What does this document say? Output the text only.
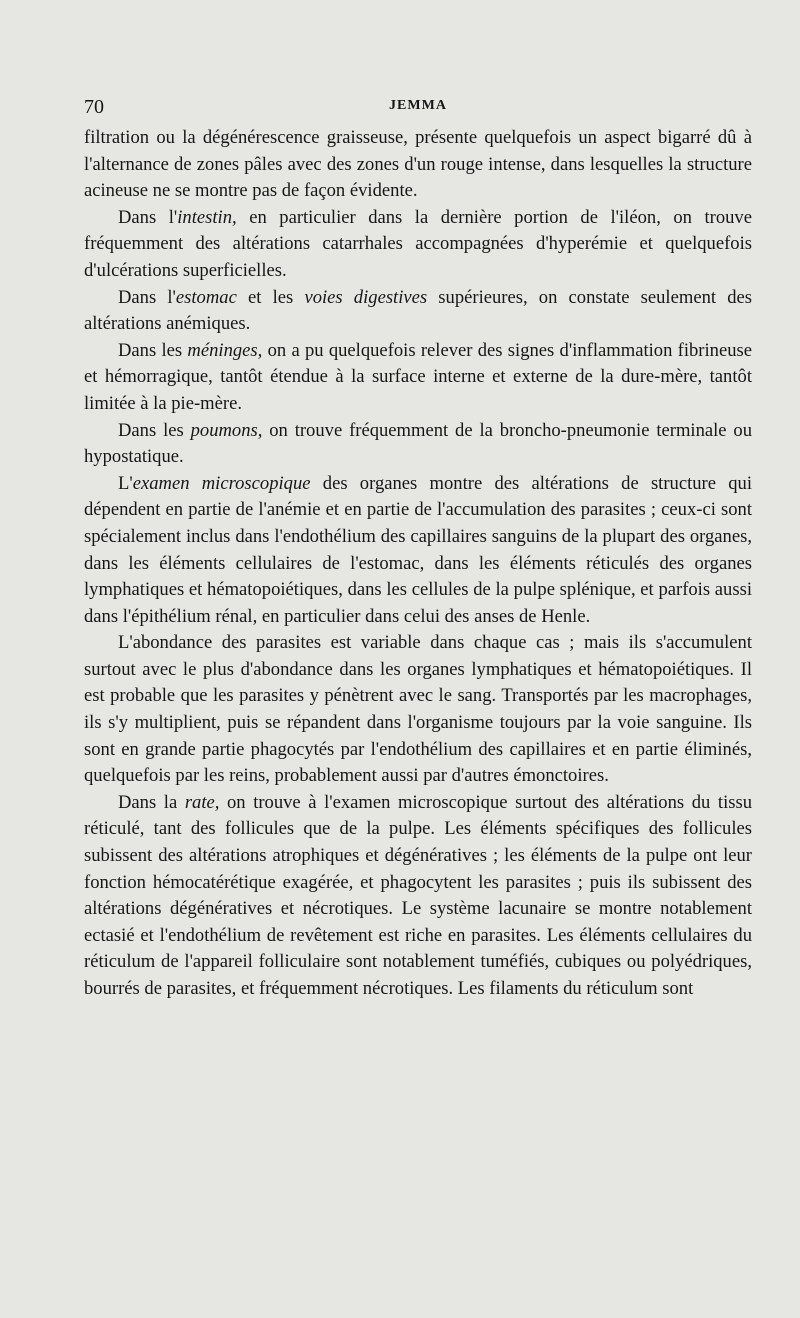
70	JEMMA

filtration ou la dégénérescence graisseuse, présente quelquefois un aspect bigarré dû à l'alternance de zones pâles avec des zones d'un rouge intense, dans lesquelles la structure acineuse ne se montre pas de façon évidente.

Dans l'intestin, en particulier dans la dernière portion de l'iléon, on trouve fréquemment des altérations catarrhales accompagnées d'hyperémie et quelquefois d'ulcérations superficielles.

Dans l'estomac et les voies digestives supérieures, on constate seulement des altérations anémiques.

Dans les méninges, on a pu quelquefois relever des signes d'inflammation fibrineuse et hémorragique, tantôt étendue à la surface interne et externe de la dure-mère, tantôt limitée à la pie-mère.

Dans les poumons, on trouve fréquemment de la broncho-pneumonie terminale ou hypostatique.

L'examen microscopique des organes montre des altérations de structure qui dépendent en partie de l'anémie et en partie de l'accumulation des parasites ; ceux-ci sont spécialement inclus dans l'endothélium des capillaires sanguins de la plupart des organes, dans les éléments cellulaires de l'estomac, dans les éléments réticulés des organes lymphatiques et hématopoiétiques, dans les cellules de la pulpe splénique, et parfois aussi dans l'épithélium rénal, en particulier dans celui des anses de Henle.

L'abondance des parasites est variable dans chaque cas ; mais ils s'accumulent surtout avec le plus d'abondance dans les organes lymphatiques et hématopoiétiques. Il est probable que les parasites y pénètrent avec le sang. Transportés par les macrophages, ils s'y multiplient, puis se répandent dans l'organisme toujours par la voie sanguine. Ils sont en grande partie phagocytés par l'endothélium des capillaires et en partie éliminés, quelquefois par les reins, probablement aussi par d'autres émonctoires.

Dans la rate, on trouve à l'examen microscopique surtout des altérations du tissu réticulé, tant des follicules que de la pulpe. Les éléments spécifiques des follicules subissent des altérations atrophiques et dégénératives ; les éléments de la pulpe ont leur fonction hémocatérétique exagérée, et phagocytent les parasites ; puis ils subissent des altérations dégénératives et nécrotiques. Le système lacunaire se montre notablement ectasié et l'endothélium de revêtement est riche en parasites. Les éléments cellulaires du réticulum de l'appareil folliculaire sont notablement tuméfiés, cubiques ou polyédriques, bourrés de parasites, et fréquemment nécrotiques. Les filaments du réticulum sont
